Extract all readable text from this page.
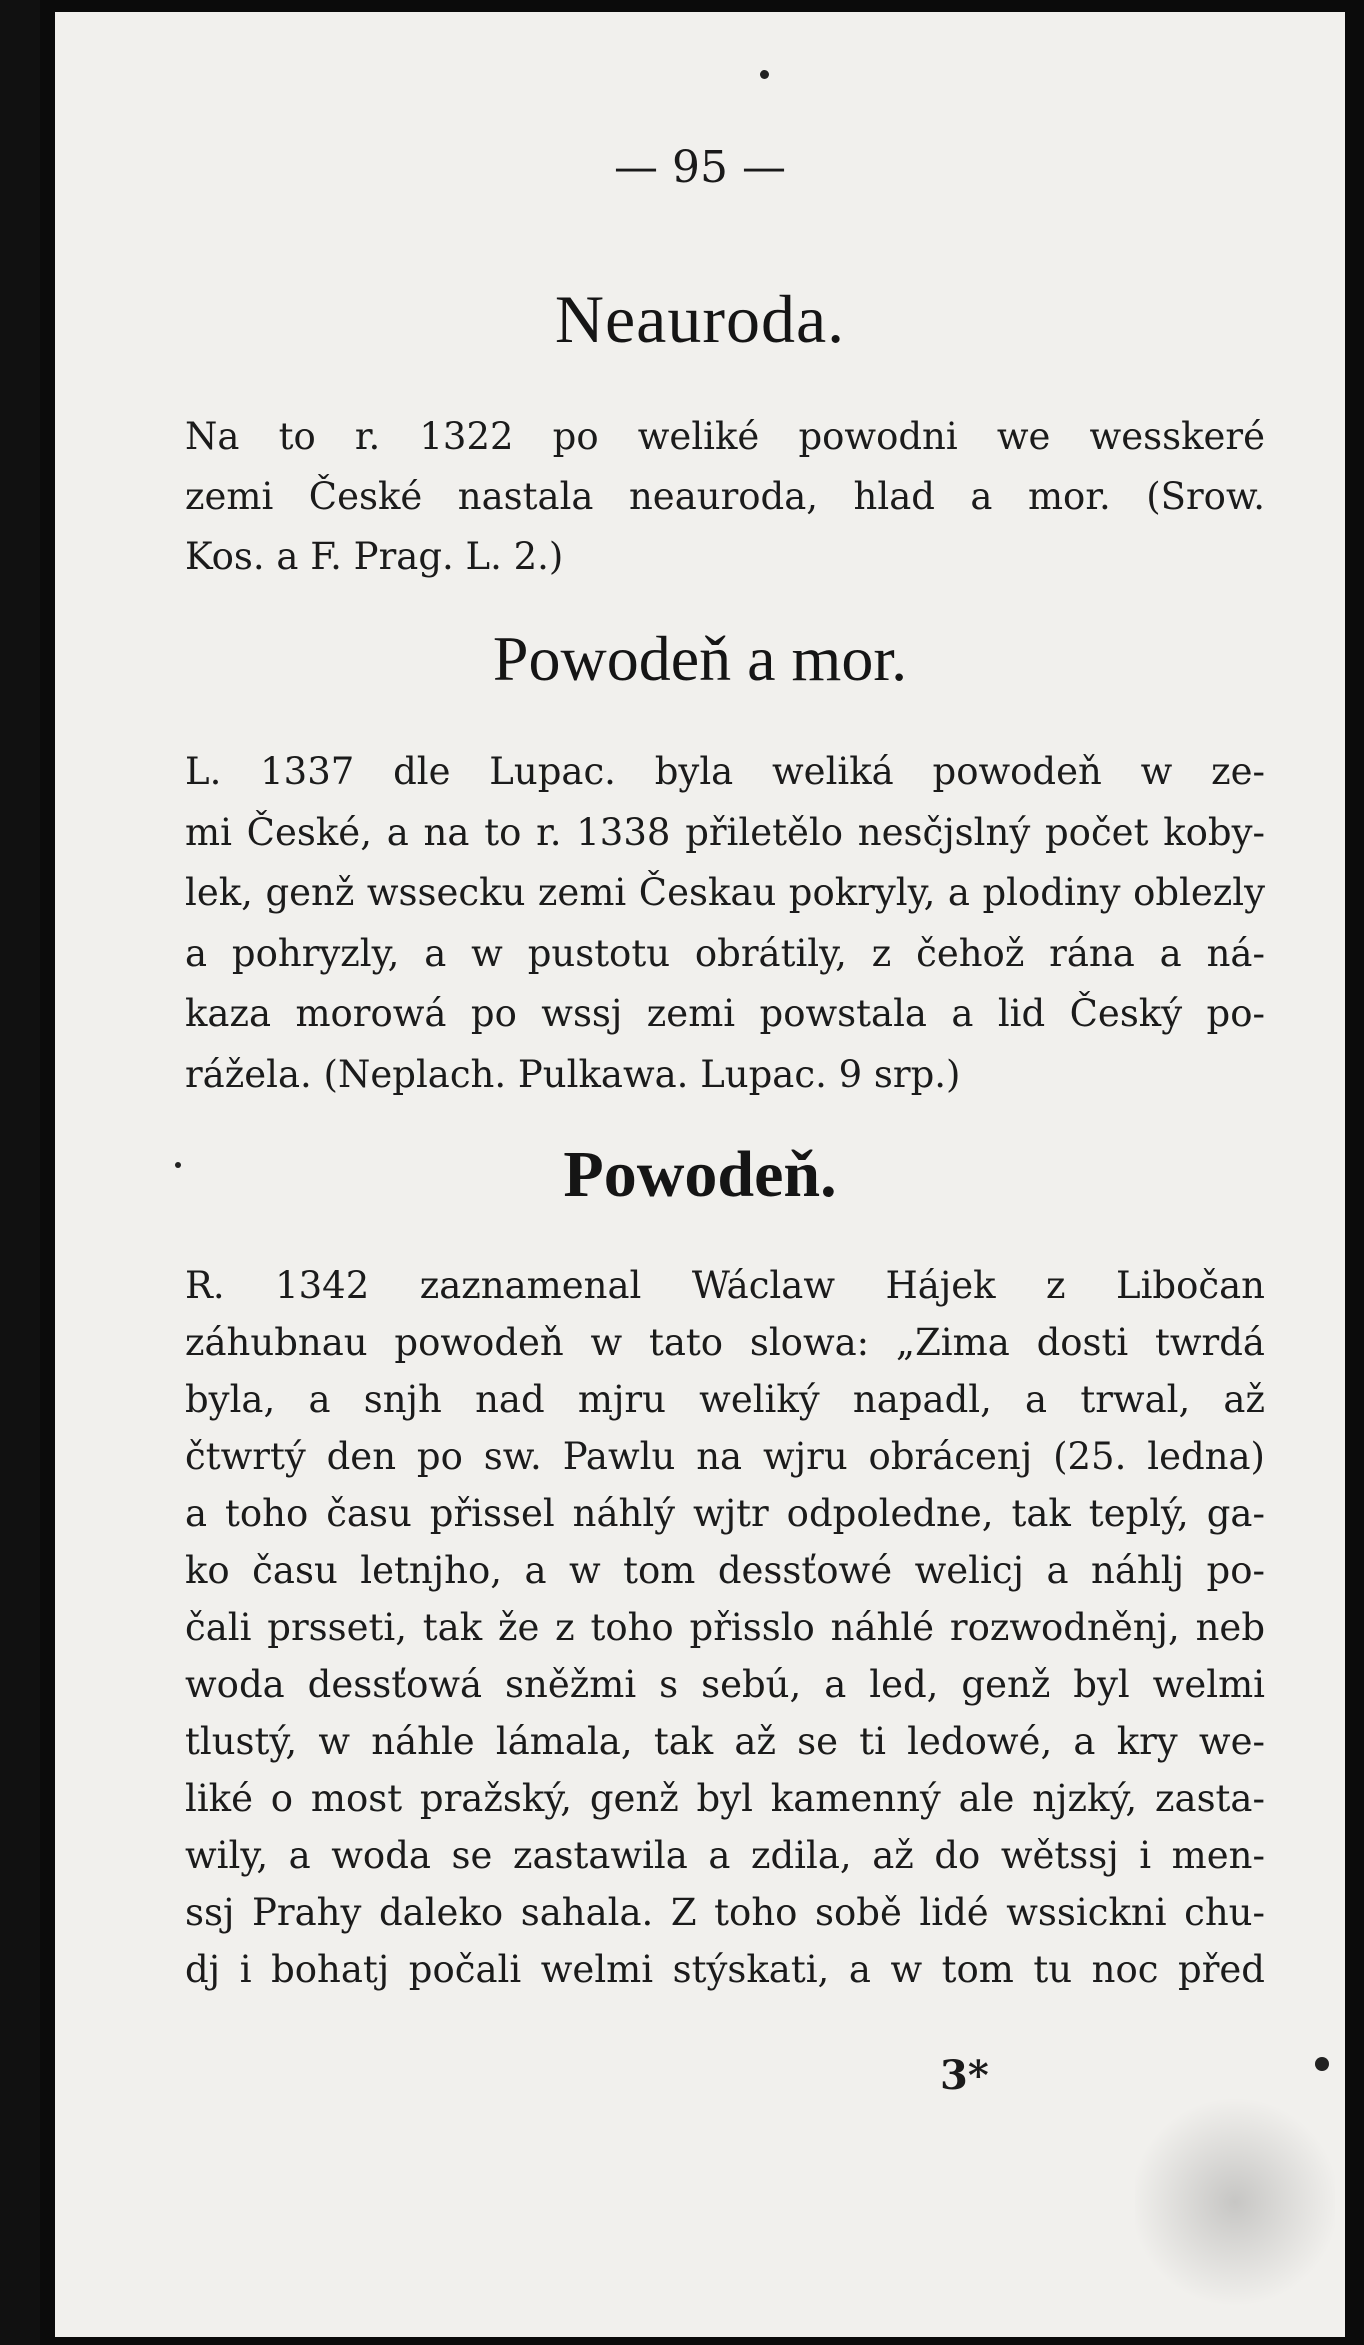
— 95 —
Neauroda.

Na to r. 1322 po weliké powodni we wesskeré
zemi České nastala neauroda, hlad a mor. (Srow.
Kos. a F. Prag. L. 2.)

Powodeň a mor.

L. 1337 dle Lupac. byla weliká powodeň w ze-
mi České, a na to r. 1338 přiletělo nesčjslný počet koby-
lek, genž wssecku zemi Českau pokryly, a plodiny oblezly
a pohryzly, a w pustotu obrátily, z čehož rána a ná-
kaza morowá po wssj zemi powstala a lid Český po-
rážela. (Neplach. Pulkawa. Lupac. 9 srp.)

Powodeň.

R. 1342 zaznamenal Wáclaw Hájek z Libočan
záhubnau powodeň w tato slowa: „Zima dosti twrdá
byla, a snjh nad mjru weliký napadl, a trwal, až
čtwrtý den po sw. Pawlu na wjru obrácenj (25. ledna)
a toho času přissel náhlý wjtr odpoledne, tak teplý, ga-
ko času letnjho, a w tom dessťowé welicj a náhlj po-
čali prsseti, tak že z toho přisslo náhlé rozwodněnj, neb
woda dessťowá sněžmi s sebú, a led, genž byl welmi
tlustý, w náhle lámala, tak až se ti ledowé, a kry we-
liké o most pražský, genž byl kamenný ale njzký, zasta-
wily, a woda se zastawila a zdila, až do wětssj i men-
ssj Prahy daleko sahala. Z toho sobě lidé wssickni chu-
dj i bohatj počali welmi stýskati, a w tom tu noc před

3*
